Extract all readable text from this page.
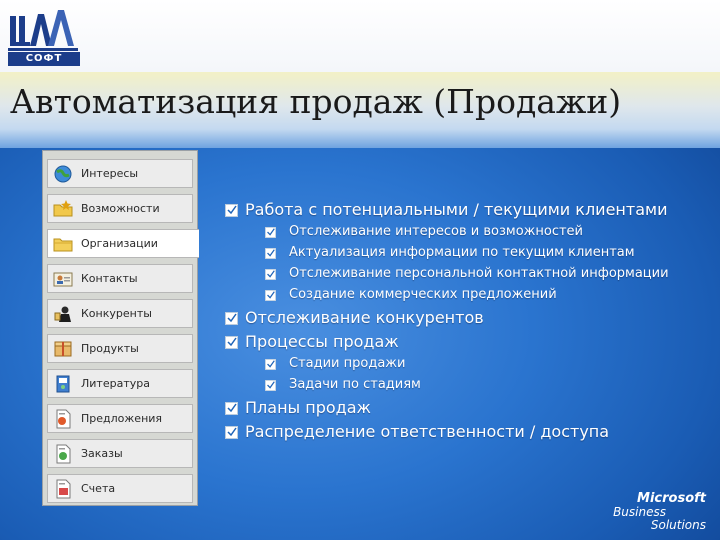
СОФТ
Автоматизация продаж (Продажи)
Интересы
Возможности
Организации
Контакты
Конкуренты
Продукты
Литература
Предложения
Заказы
Счета
Работа с потенциальными / текущими клиентами
Отслеживание интересов и возможностей
Актуализация информации по текущим клиентам
Отслеживание персональной контактной информации
Создание коммерческих предложений
Отслеживание конкурентов
Процессы продаж
Стадии продажи
Задачи по стадиям
Планы продаж
Распределение ответственности / доступа
Microsoft
Business
Solutions
